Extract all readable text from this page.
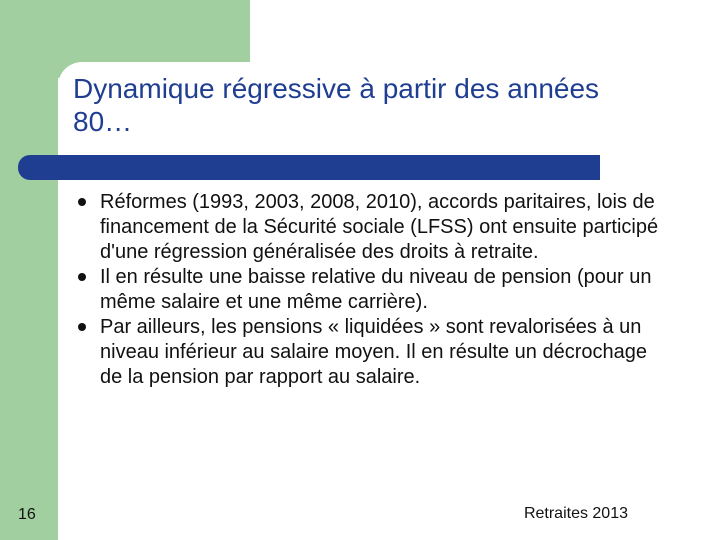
Dynamique régressive à partir des années 80…
Réformes (1993, 2003, 2008, 2010), accords paritaires, lois de financement de la Sécurité sociale (LFSS) ont ensuite participé d'une régression généralisée des droits à retraite.
Il en résulte une baisse relative du niveau de pension (pour un même salaire et une même carrière).
Par ailleurs, les pensions « liquidées » sont revalorisées à un niveau inférieur au salaire moyen. Il en résulte un décrochage de la pension par rapport au salaire.
16	Retraites 2013
